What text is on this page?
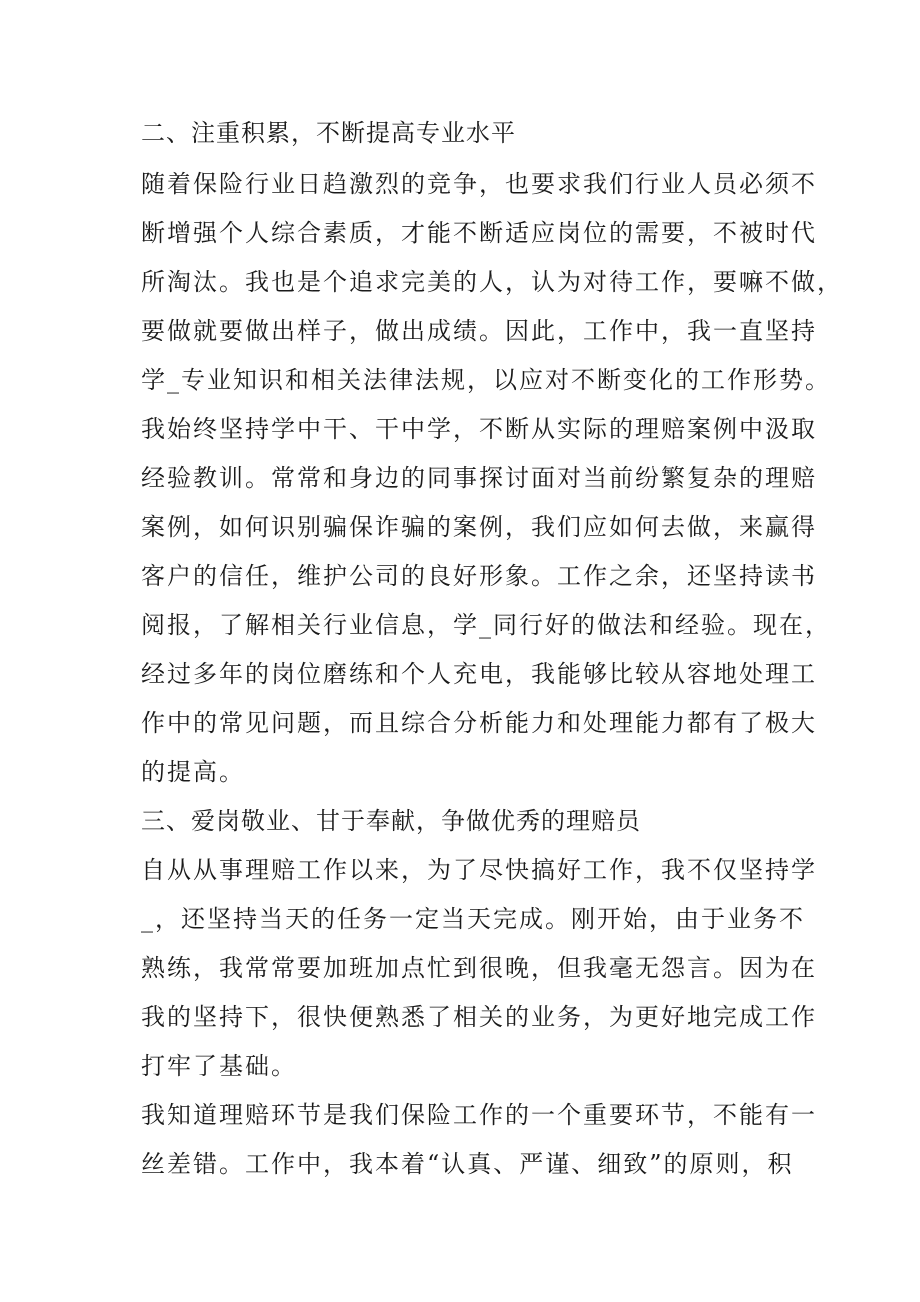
二、注重积累，不断提高专业水平
随着保险行业日趋激烈的竞争，也要求我们行业人员必须不
断增强个人综合素质，才能不断适应岗位的需要，不被时代
所淘汰。我也是个追求完美的人，认为对待工作，要嘛不做，
要做就要做出样子，做出成绩。因此，工作中，我一直坚持
学_专业知识和相关法律法规，以应对不断变化的工作形势。
我始终坚持学中干、干中学，不断从实际的理赔案例中汲取
经验教训。常常和身边的同事探讨面对当前纷繁复杂的理赔
案例，如何识别骗保诈骗的案例，我们应如何去做，来赢得
客户的信任，维护公司的良好形象。工作之余，还坚持读书
阅报，了解相关行业信息，学_同行好的做法和经验。现在，
经过多年的岗位磨练和个人充电，我能够比较从容地处理工
作中的常见问题，而且综合分析能力和处理能力都有了极大
的提高。
三、爱岗敬业、甘于奉献，争做优秀的理赔员
自从从事理赔工作以来，为了尽快搞好工作，我不仅坚持学
_，还坚持当天的任务一定当天完成。刚开始，由于业务不
熟练，我常常要加班加点忙到很晚，但我毫无怨言。因为在
我的坚持下，很快便熟悉了相关的业务，为更好地完成工作
打牢了基础。
我知道理赔环节是我们保险工作的一个重要环节，不能有一
丝差错。工作中，我本着“认真、严谨、细致”的原则，积
